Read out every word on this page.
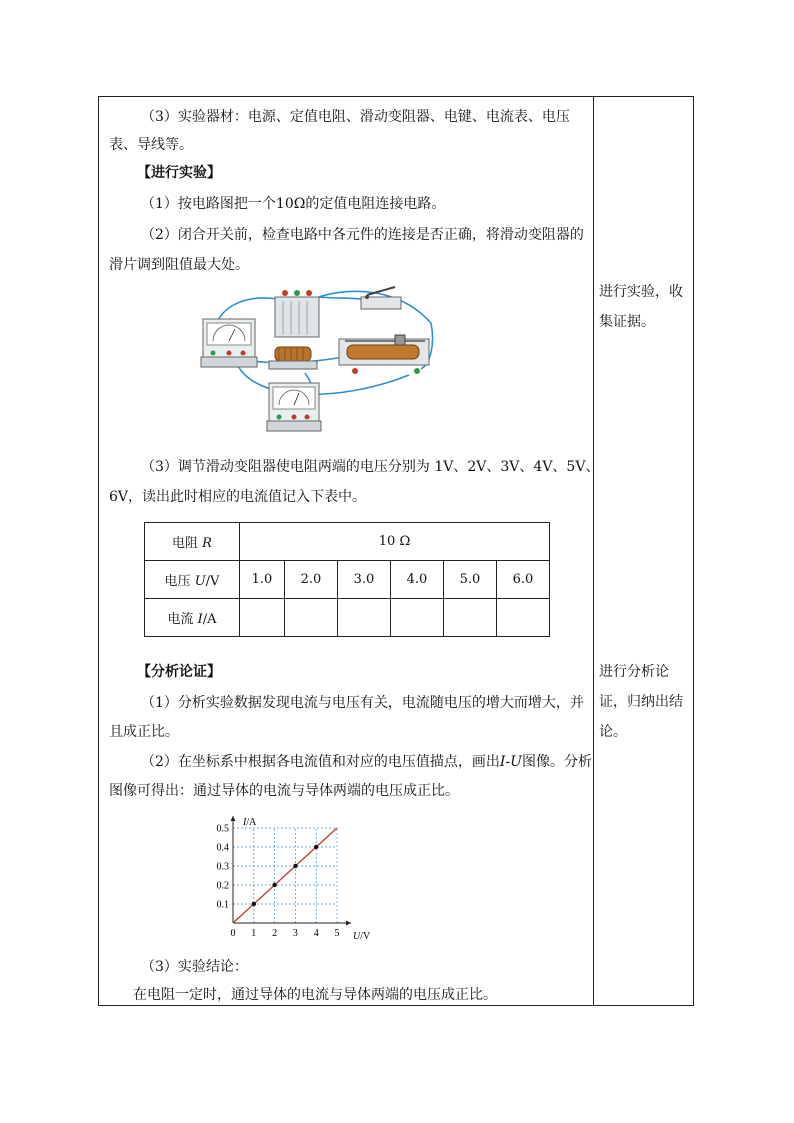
（3）实验器材：电源、定值电阻、滑动变阻器、电键、电流表、电压
表、导线等。
【进行实验】
（1）按电路图把一个10Ω的定值电阻连接电路。
（2）闭合开关前，检查电路中各元件的连接是否正确，将滑动变阻器的
滑片调到阻值最大处。
（3）调节滑动变阻器使电阻两端的电压分别为 1V、2V、3V、4V、5V、
6V，读出此时相应的电流值记入下表中。
电阻 R	10 Ω					
电压 U/V	1.0	2.0	3.0	4.0	5.0	6.0
电流 I/A						
【分析论证】
（1）分析实验数据发现电流与电压有关，电流随电压的增大而增大，并
且成正比。
（2）在坐标系中根据各电流值和对应的电压值描点，画出I-U图像。分析
图像可得出：通过导体的电流与导体两端的电压成正比。
I/A
U/V
0 1 2 3 4 5
0.1
0.2
0.3
0.4
0.5
（3）实验结论：
在电阻一定时，通过导体的电流与导体两端的电压成正比。
进行实验，收
集证据。
进行分析论
证，归纳出结
论。
